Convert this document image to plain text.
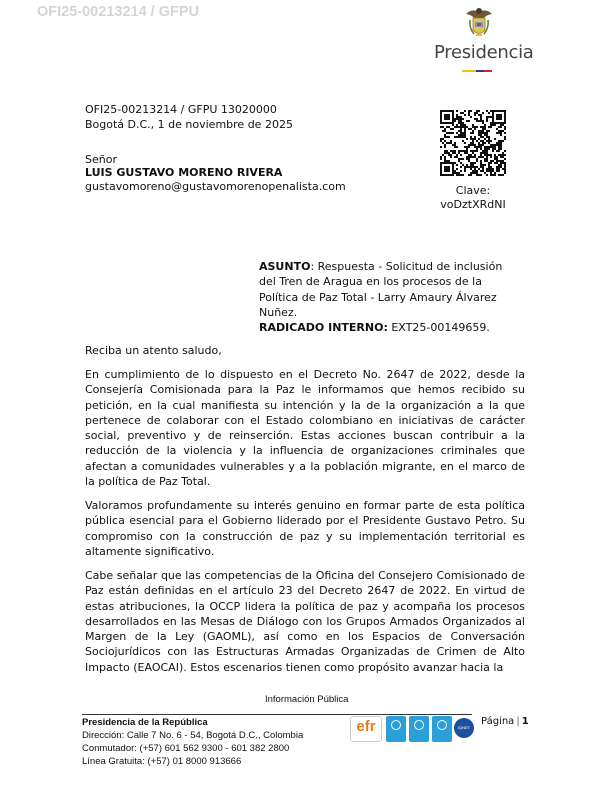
OFI25-00213214 / GFPU
Presidencia
OFI25-00213214 / GFPU 13020000
Bogotá D.C., 1 de noviembre de 2025
Señor
LUIS GUSTAVO MORENO RIVERA
gustavomoreno@gustavomorenopenalista.com	Clave:
voDztXRdNI
ASUNTO: Respuesta - Solicitud de inclusión del Tren de Aragua en los procesos de la Política de Paz Total - Larry Amaury Álvarez Nuñez.
RADICADO INTERNO: EXT25-00149659.
Reciba un atento saludo,
En cumplimiento de lo dispuesto en el Decreto No. 2647 de 2022, desde la Consejería Comisionada para la Paz le informamos que hemos recibido su petición, en la cual manifiesta su intención y la de la organización a la que pertenece de colaborar con el Estado colombiano en iniciativas de carácter social, preventivo y de reinserción. Estas acciones buscan contribuir a la reducción de la violencia y la influencia de organizaciones criminales que afectan a comunidades vulnerables y a la población migrante, en el marco de la política de Paz Total.
Valoramos profundamente su interés genuino en formar parte de esta política pública esencial para el Gobierno liderado por el Presidente Gustavo Petro. Su compromiso con la construcción de paz y su implementación territorial es altamente significativo.
Cabe señalar que las competencias de la Oficina del Consejero Comisionado de Paz están definidas en el artículo 23 del Decreto 2647 de 2022. En virtud de estas atribuciones, la OCCP lidera la política de paz y acompaña los procesos desarrollados en las Mesas de Diálogo con los Grupos Armados Organizados al Margen de la Ley (GAOML), así como en los Espacios de Conversación Sociojurídicos con las Estructuras Armadas Organizadas de Crimen de Alto Impacto (EAOCAI). Estos escenarios tienen como propósito avanzar hacia la
Información Pública
Presidencia de la República
Dirección: Calle 7 No. 6 - 54, Bogotá D.C., Colombia
Conmutador: (+57) 601 562 9300 - 601 382 2800
Línea Gratuita: (+57) 01 8000 913666
efr	IQNET
Página | 1
